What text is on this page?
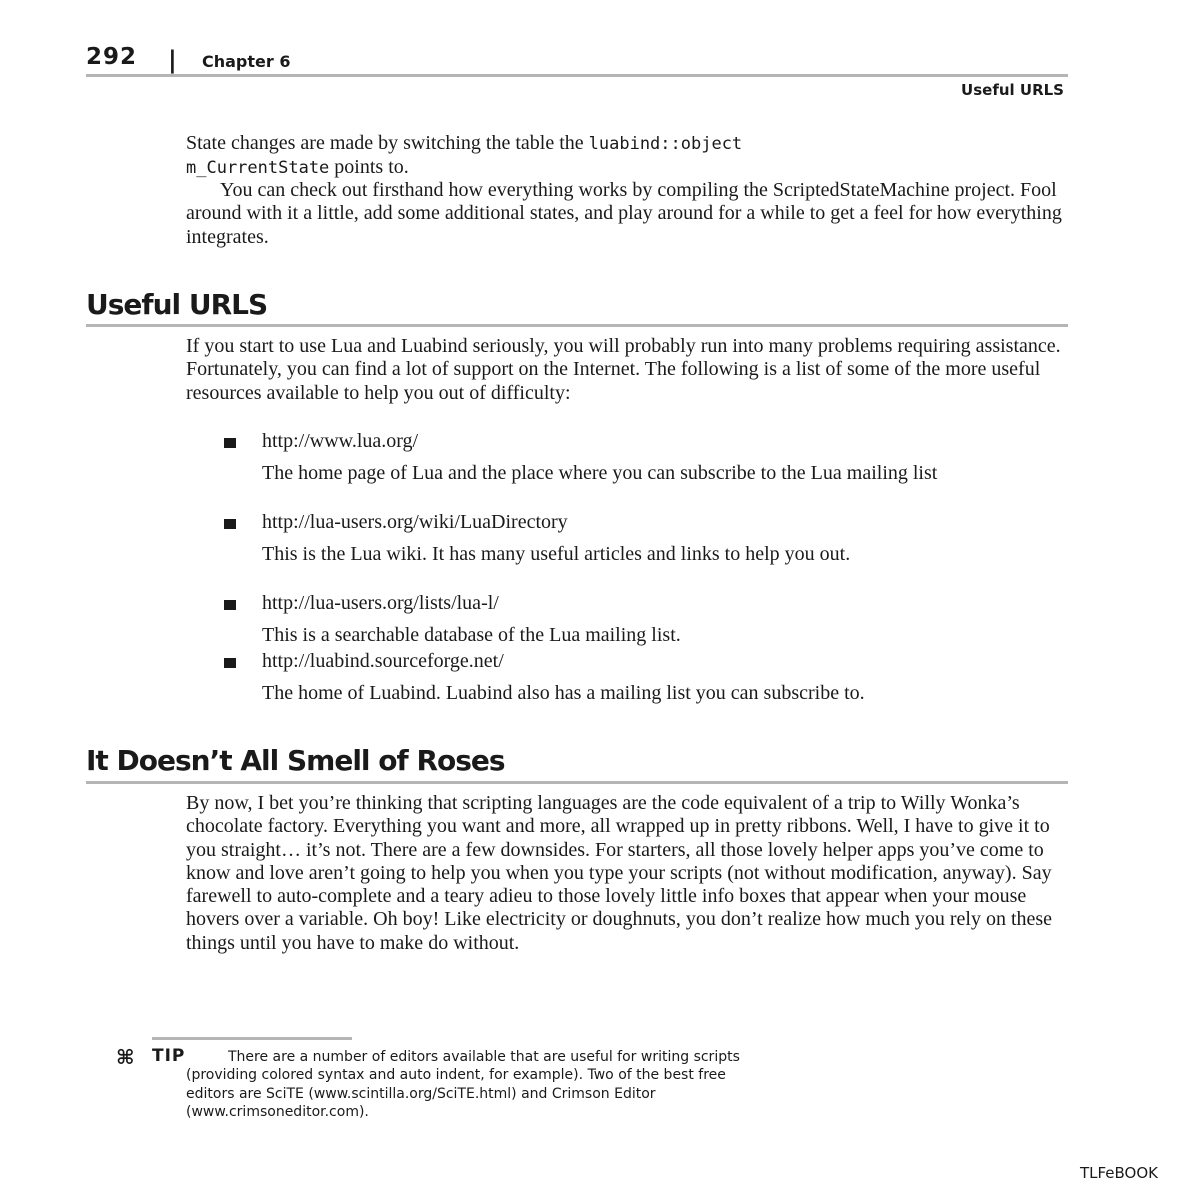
292 | Chapter 6
Useful URLS
State changes are made by switching the table the luabind::object
m_CurrentState points to.
You can check out firsthand how everything works by compiling the ScriptedStateMachine project. Fool around with it a little, add some additional states, and play around for a while to get a feel for how everything integrates.
Useful URLS
If you start to use Lua and Luabind seriously, you will probably run into many problems requiring assistance. Fortunately, you can find a lot of support on the Internet. The following is a list of some of the more useful resources available to help you out of difficulty:
http://www.lua.org/
The home page of Lua and the place where you can subscribe to the Lua mailing list
http://lua-users.org/wiki/LuaDirectory
This is the Lua wiki. It has many useful articles and links to help you out.
http://lua-users.org/lists/lua-l/
This is a searchable database of the Lua mailing list.
http://luabind.sourceforge.net/
The home of Luabind. Luabind also has a mailing list you can subscribe to.
It Doesn’t All Smell of Roses
By now, I bet you’re thinking that scripting languages are the code equivalent of a trip to Willy Wonka’s chocolate factory. Everything you want and more, all wrapped up in pretty ribbons. Well, I have to give it to you straight… it’s not. There are a few downsides. For starters, all those lovely helper apps you’ve come to know and love aren’t going to help you when you type your scripts (not without modification, anyway). Say farewell to auto-complete and a teary adieu to those lovely little info boxes that appear when your mouse hovers over a variable. Oh boy! Like electricity or doughnuts, you don’t realize how much you rely on these things until you have to make do without.
⌘ TIP	There are a number of editors available that are useful for writing scripts
(providing colored syntax and auto indent, for example). Two of the best free
editors are SciTE (www.scintilla.org/SciTE.html) and Crimson Editor
(www.crimsoneditor.com).
TLFeBOOK
